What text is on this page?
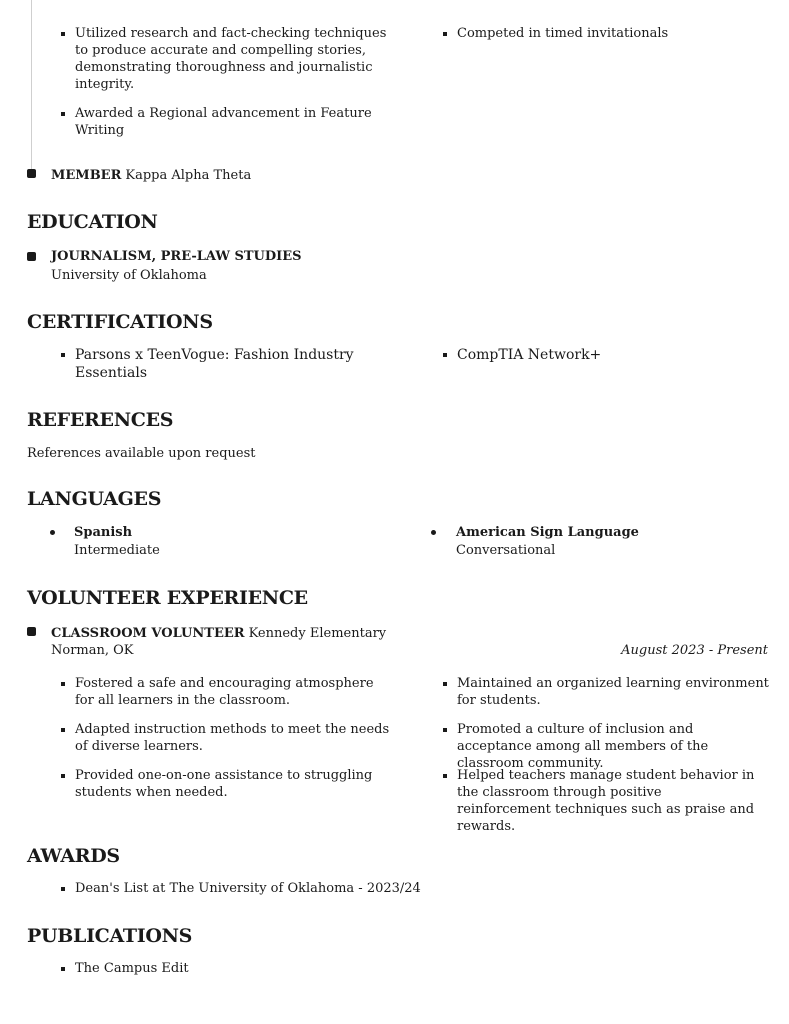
Utilized research and fact-checking techniques to produce accurate and compelling stories, demonstrating thoroughness and journalistic integrity.
Awarded a Regional advancement in Feature Writing
Competed in timed invitationals
MEMBER Kappa Alpha Theta
EDUCATION
JOURNALISM, PRE-LAW STUDIES
University of Oklahoma
CERTIFICATIONS
Parsons x TeenVogue: Fashion Industry Essentials
CompTIA Network+
REFERENCES
References available upon request
LANGUAGES
Spanish
Intermediate
American Sign Language
Conversational
VOLUNTEER EXPERIENCE
CLASSROOM VOLUNTEER Kennedy Elementary
Norman, OK	August 2023 - Present
Fostered a safe and encouraging atmosphere for all learners in the classroom.
Adapted instruction methods to meet the needs of diverse learners.
Provided one-on-one assistance to struggling students when needed.
Maintained an organized learning environment for students.
Promoted a culture of inclusion and acceptance among all members of the classroom community.
Helped teachers manage student behavior in the classroom through positive reinforcement techniques such as praise and rewards.
AWARDS
Dean's List at The University of Oklahoma - 2023/24
PUBLICATIONS
The Campus Edit
